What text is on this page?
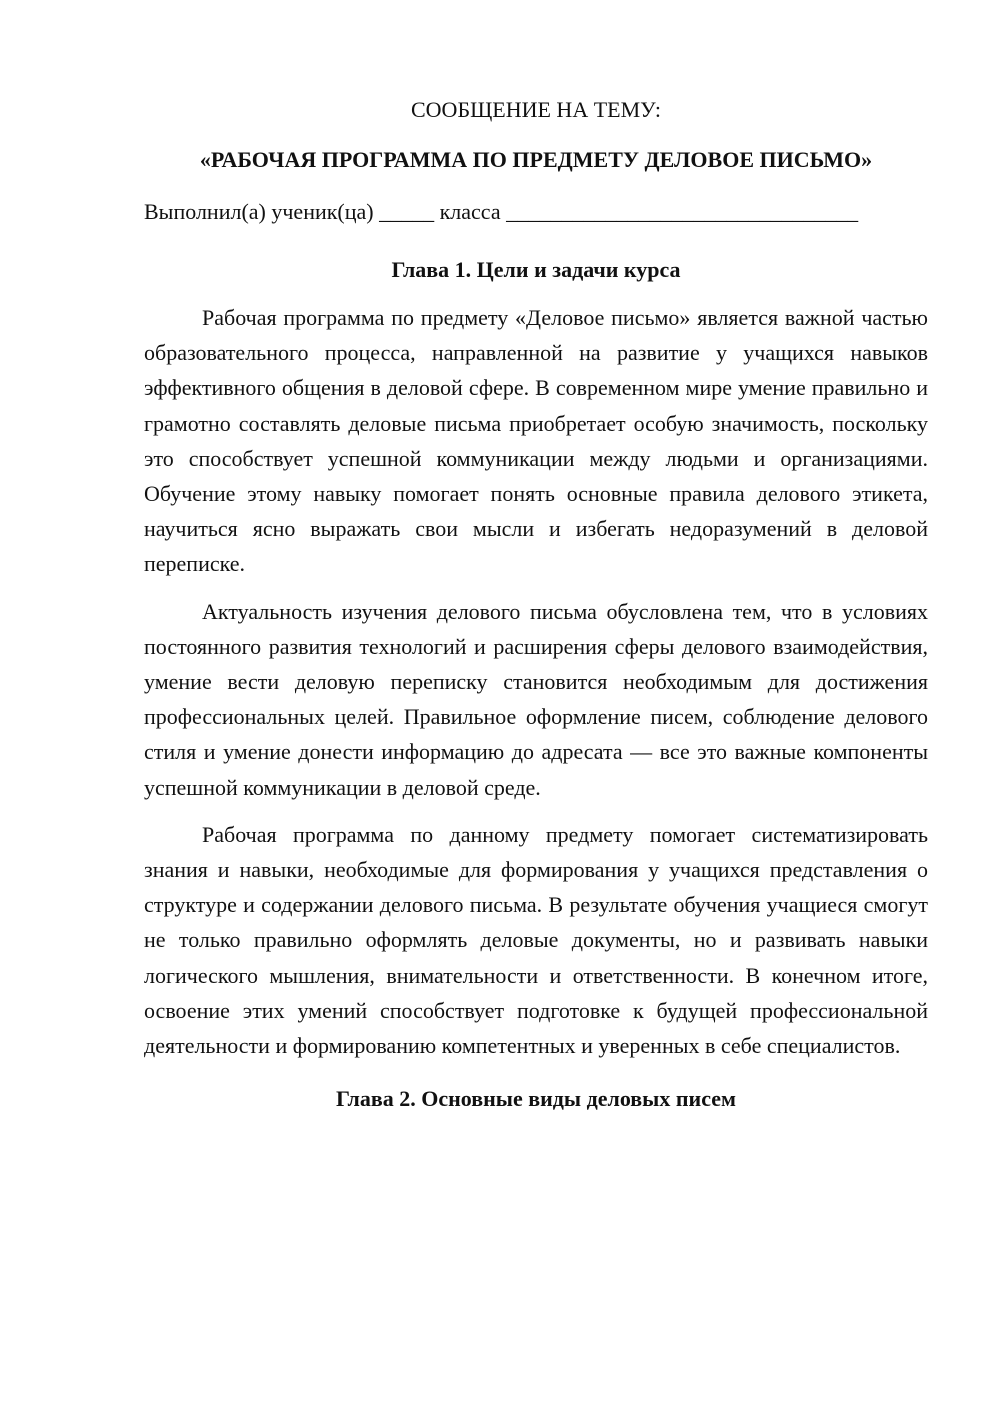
СООБЩЕНИЕ НА ТЕМУ:

«РАБОЧАЯ ПРОГРАММА ПО ПРЕДМЕТУ ДЕЛОВОЕ ПИСЬМО»

Выполнил(а) ученик(ца) _____ класса ________________________________

Глава 1. Цели и задачи курса

Рабочая программа по предмету «Деловое письмо» является важной частью образовательного процесса, направленной на развитие у учащихся навыков эффективного общения в деловой сфере. В современном мире умение правильно и грамотно составлять деловые письма приобретает особую значимость, поскольку это способствует успешной коммуникации между людьми и организациями. Обучение этому навыку помогает понять основные правила делового этикета, научиться ясно выражать свои мысли и избегать недоразумений в деловой переписке.

Актуальность изучения делового письма обусловлена тем, что в условиях постоянного развития технологий и расширения сферы делового взаимодействия, умение вести деловую переписку становится необходимым для достижения профессиональных целей. Правильное оформление писем, соблюдение делового стиля и умение донести информацию до адресата — все это важные компоненты успешной коммуникации в деловой среде.

Рабочая программа по данному предмету помогает систематизировать знания и навыки, необходимые для формирования у учащихся представления о структуре и содержании делового письма. В результате обучения учащиеся смогут не только правильно оформлять деловые документы, но и развивать навыки логического мышления, внимательности и ответственности. В конечном итоге, освоение этих умений способствует подготовке к будущей профессиональной деятельности и формированию компетентных и уверенных в себе специалистов.

Глава 2. Основные виды деловых писем
